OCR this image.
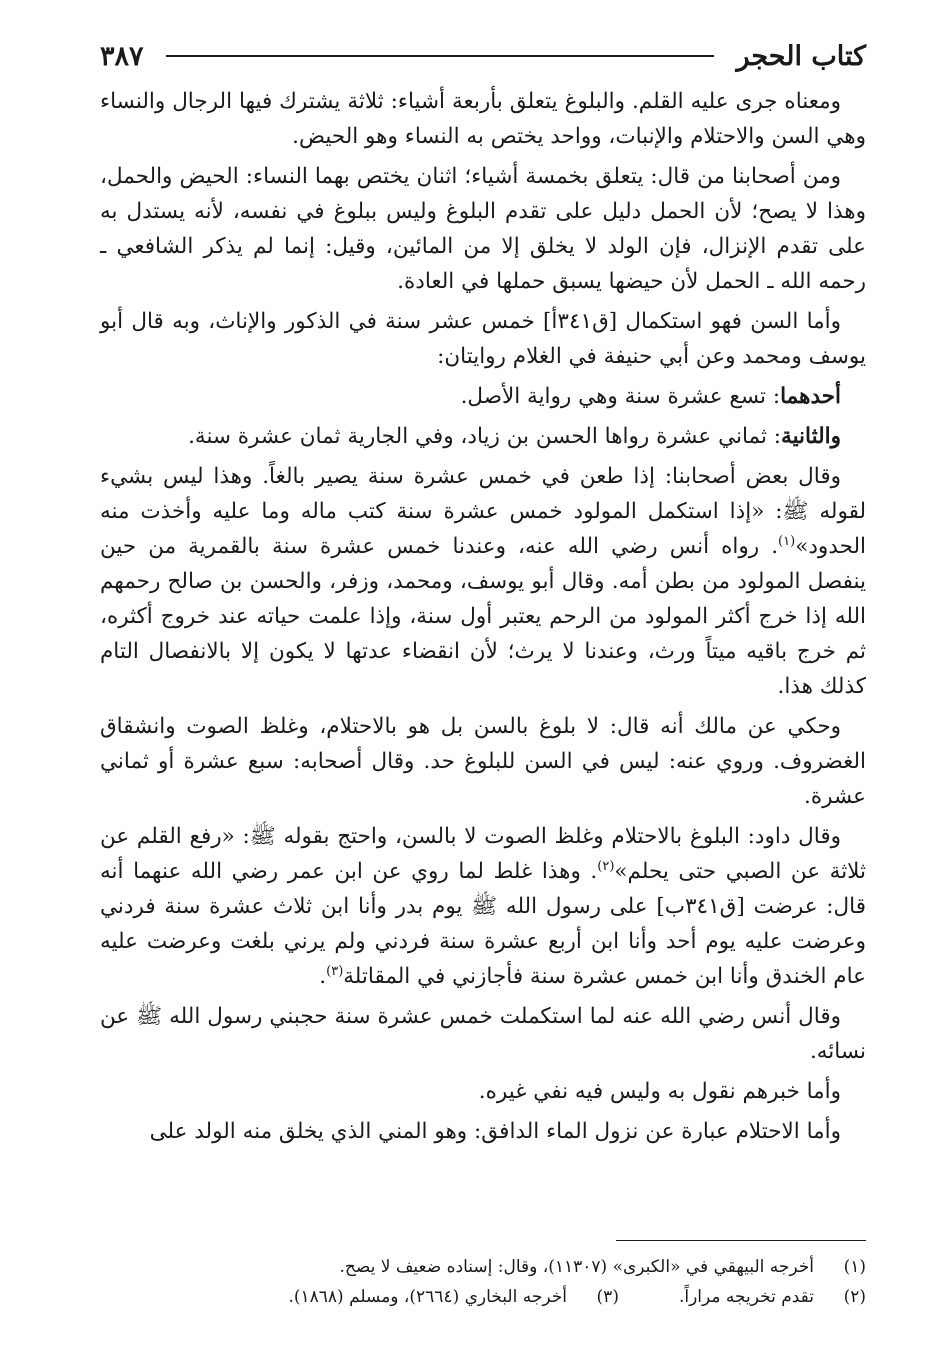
كتاب الحجر
٣٨٧

ومعناه جرى عليه القلم. والبلوغ يتعلق بأربعة أشياء: ثلاثة يشترك فيها الرجال والنساء وهي السن والاحتلام والإنبات، وواحد يختص به النساء وهو الحيض.

ومن أصحابنا من قال: يتعلق بخمسة أشياء؛ اثنان يختص بهما النساء: الحيض والحمل، وهذا لا يصح؛ لأن الحمل دليل على تقدم البلوغ وليس ببلوغ في نفسه، لأنه يستدل به على تقدم الإنزال، فإن الولد لا يخلق إلا من المائين، وقيل: إنما لم يذكر الشافعي ـ رحمه الله ـ الحمل لأن حيضها يسبق حملها في العادة.

وأما السن فهو استكمال [ق٣٤١أ] خمس عشر سنة في الذكور والإناث، وبه قال أبو يوسف ومحمد وعن أبي حنيفة في الغلام روايتان:

أحدهما: تسع عشرة سنة وهي رواية الأصل.

والثانية: ثماني عشرة رواها الحسن بن زياد، وفي الجارية ثمان عشرة سنة.

وقال بعض أصحابنا: إذا طعن في خمس عشرة سنة يصير بالغاً. وهذا ليس بشيء لقوله ﷺ: «إذا استكمل المولود خمس عشرة سنة كتب ماله وما عليه وأخذت منه الحدود»$^{(١)}$. رواه أنس رضي الله عنه، وعندنا خمس عشرة سنة بالقمرية من حين ينفصل المولود من بطن أمه. وقال أبو يوسف، ومحمد، وزفر، والحسن بن صالح رحمهم الله إذا خرج أكثر المولود من الرحم يعتبر أول سنة، وإذا علمت حياته عند خروج أكثره، ثم خرج باقيه ميتاً ورث، وعندنا لا يرث؛ لأن انقضاء عدتها لا يكون إلا بالانفصال التام كذلك هذا.

وحكي عن مالك أنه قال: لا بلوغ بالسن بل هو بالاحتلام، وغلظ الصوت وانشقاق الغضروف. وروي عنه: ليس في السن للبلوغ حد. وقال أصحابه: سبع عشرة أو ثماني عشرة.

وقال داود: البلوغ بالاحتلام وغلظ الصوت لا بالسن، واحتج بقوله ﷺ: «رفع القلم عن ثلاثة عن الصبي حتى يحلم»$^{(٢)}$. وهذا غلط لما روي عن ابن عمر رضي الله عنهما أنه قال: عرضت [ق٣٤١ب] على رسول الله ﷺ يوم بدر وأنا ابن ثلاث عشرة سنة فردني وعرضت عليه يوم أحد وأنا ابن أربع عشرة سنة فردني ولم يرني بلغت وعرضت عليه عام الخندق وأنا ابن خمس عشرة سنة فأجازني في المقاتلة$^{(٣)}$.

وقال أنس رضي الله عنه لما استكملت خمس عشرة سنة حجبني رسول الله ﷺ عن نسائه.

وأما خبرهم نقول به وليس فيه نفي غيره.

وأما الاحتلام عبارة عن نزول الماء الدافق: وهو المني الذي يخلق منه الولد على

(١)
أخرجه البيهقي في «الكبرى» (١١٣٠٧)، وقال: إسناده ضعيف لا يصح.
(٢)
تقدم تخريجه مراراً.
(٣)
أخرجه البخاري (٢٦٦٤)، ومسلم (١٨٦٨).
